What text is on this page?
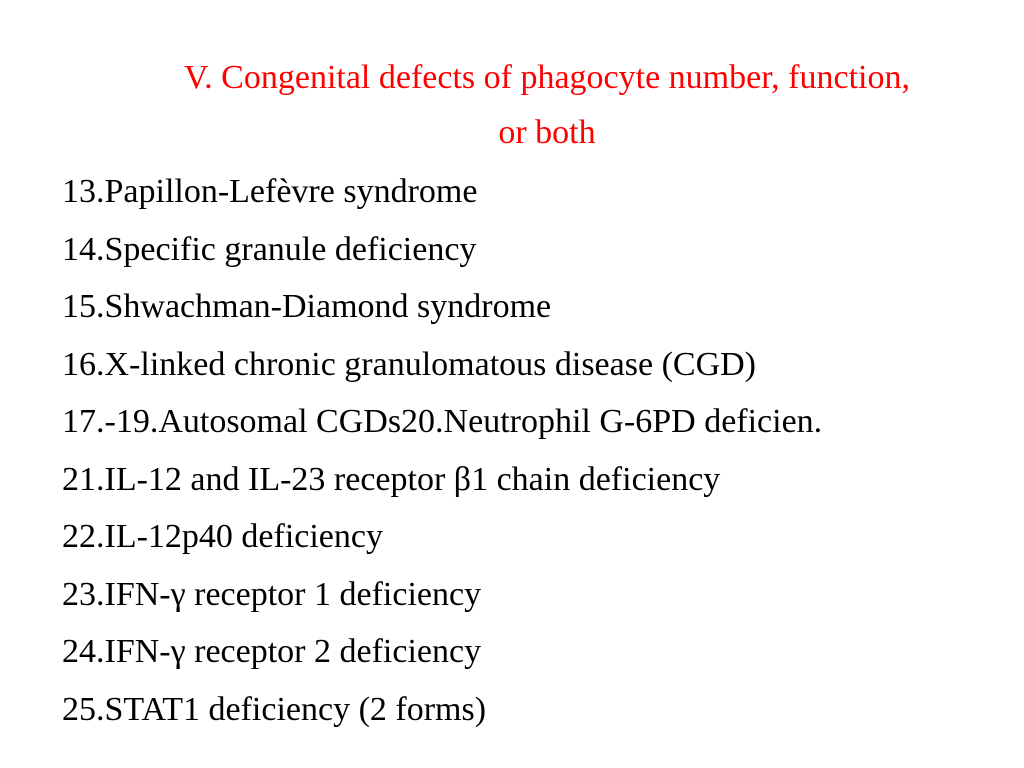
V. Congenital defects of phagocyte number, function,
or both
13.Papillon-Lefèvre syndrome
14.Specific granule deficiency
15.Shwachman-Diamond syndrome
16.X-linked chronic granulomatous disease (CGD)
17.-19.Autosomal CGDs20.Neutrophil G-6PD deficien.
21.IL-12 and IL-23 receptor β1 chain deficiency
22.IL-12p40 deficiency
23.IFN-γ receptor 1 deficiency
24.IFN-γ receptor 2 deficiency
25.STAT1 deficiency (2 forms)
